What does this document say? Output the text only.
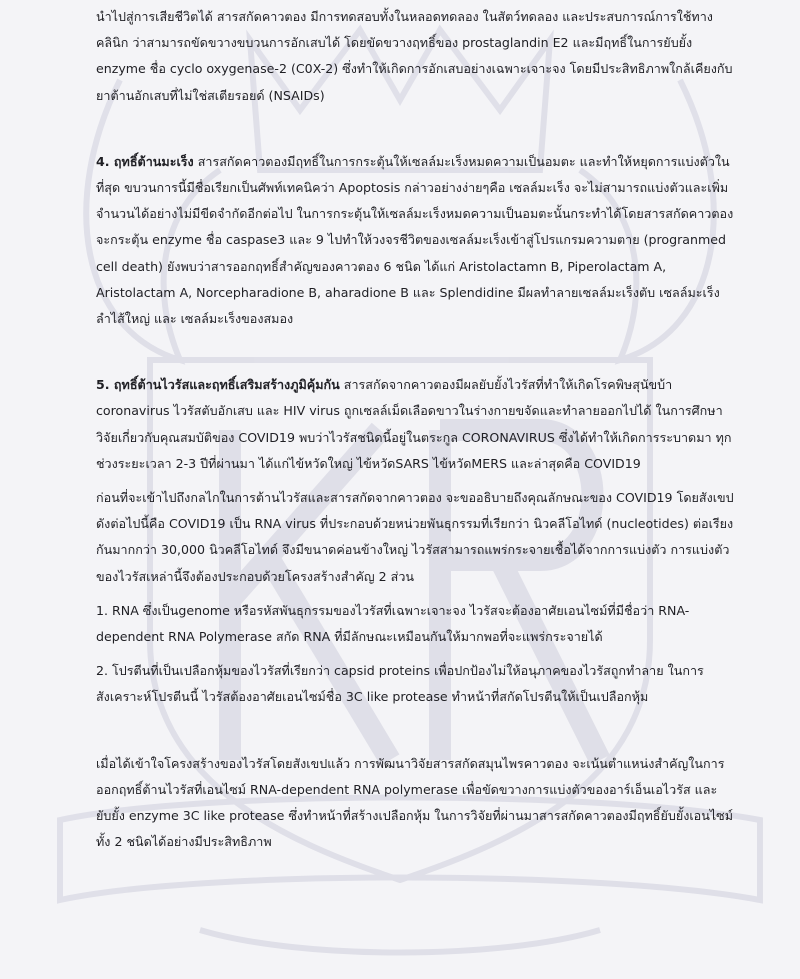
นำไปสู่การเสียชีวิตได้ สารสกัดคาวตอง มีการทดสอบทั้งในหลอดทดลอง ในสัตว์ทดลอง และประสบการณ์การใช้ทางคลินิก ว่าสามารถขัดขวางขบวนการอักเสบได้ โดยขัดขวางฤทธิ์ของ prostaglandin E2 และมีฤทธิ์ในการยับยั้ง enzyme ชื่อ cyclo oxygenase-2 (C0X-2) ซึ่งทำให้เกิดการอักเสบอย่างเฉพาะเจาะจง โดยมีประสิทธิภาพใกล้เคียงกับยาต้านอักเสบที่ไม่ใช่สเตียรอยด์ (NSAIDs)

4. ฤทธิ์ต้านมะเร็ง สารสกัดคาวตองมีฤทธิ์ในการกระตุ้นให้เซลล์มะเร็งหมดความเป็นอมตะ และทำให้หยุดการแบ่งตัวในที่สุด ขบวนการนี้มีชื่อเรียกเป็นศัพท์เทคนิคว่า Apoptosis กล่าวอย่างง่ายๆคือ เซลล์มะเร็ง จะไม่สามารถแบ่งตัวและเพิ่มจำนวนได้อย่างไม่มีขีดจำกัดอีกต่อไป ในการกระตุ้นให้เซลล์มะเร็งหมดความเป็นอมตะนั้นกระทำได้โดยสารสกัดคาวตองจะกระตุ้น enzyme ชื่อ caspase3 และ 9 ไปทำให้วงจรชีวิตของเซลล์มะเร็งเข้าสู่โปรแกรมความตาย (progranmed cell death) ยังพบว่าสารออกฤทธิ์สำคัญของคาวตอง 6 ชนิด ได้แก่ Aristolactamn B, Piperolactam A, Aristolactam A, Norcepharadione B, aharadione B และ Splendidine มีผลทำลายเซลล์มะเร็งตับ เซลล์มะเร็งลำไส้ใหญ่ และ เซลล์มะเร็งของสมอง

5. ฤทธิ์ต้านไวรัสและฤทธิ์เสริมสร้างภูมิคุ้มกัน สารสกัดจากคาวตองมีผลยับยั้งไวรัสที่ทำให้เกิดโรคพิษสุนัขบ้า coronavirus ไวรัสตับอักเสบ และ HIV virus ถูกเซลล์เม็ดเลือดขาวในร่างกายขจัดและทำลายออกไปได้ ในการศึกษาวิจัยเกี่ยวกับคุณสมบัติของ COVID19 พบว่าไวรัสชนิดนี้อยู่ในตระกูล CORONAVIRUS ซึ่งได้ทำให้เกิดการระบาดมา ทุกช่วงระยะเวลา 2-3 ปีที่ผ่านมา ได้แก่ไข้หวัดใหญ่ ไข้หวัดSARS ไข้หวัดMERS และล่าสุดคือ COVID19

ก่อนที่จะเข้าไปถึงกลไกในการต้านไวรัสและสารสกัดจากคาวตอง จะขออธิบายถึงคุณลักษณะของ COVID19 โดยสังเขปดังต่อไปนี้คือ COVID19 เป็น RNA virus ที่ประกอบด้วยหน่วยพันธุกรรมที่เรียกว่า นิวคลีโอไทด์ (nucleotides) ต่อเรียงกันมากกว่า 30,000 นิวคลีโอไทด์ จึงมีขนาดค่อนข้างใหญ่ ไวรัสสามารถแพร่กระจายเชื้อได้จากการแบ่งตัว การแบ่งตัวของไวรัสเหล่านี้จึงต้องประกอบด้วยโครงสร้างสำคัญ 2 ส่วน

1. RNA ซึ่งเป็นgenome หรือรหัสพันธุกรรมของไวรัสที่เฉพาะเจาะจง ไวรัสจะต้องอาศัยเอนไซม์ที่มีชื่อว่า RNA-dependent RNA Polymerase สกัด RNA ที่มีลักษณะเหมือนกันให้มากพอที่จะแพร่กระจายได้

2. โปรตีนที่เป็นเปลือกหุ้มของไวรัสที่เรียกว่า capsid proteins เพื่อปกป้องไม่ให้อนุภาคของไวรัสถูกทำลาย ในการสังเคราะห์โปรตีนนี้ ไวรัสต้องอาศัยเอนไซม์ชื่อ 3C like protease ทำหน้าที่สกัดโปรตีนให้เป็นเปลือกหุ้ม

เมื่อได้เข้าใจโครงสร้างของไวรัสโดยสังเขปแล้ว การพัฒนาวิจัยสารสกัดสมุนไพรคาวตอง จะเน้นตำแหน่งสำคัญในการออกฤทธิ์ต้านไวรัสที่เอนไซม์ RNA-dependent RNA polymerase เพื่อขัดขวางการแบ่งตัวของอาร์เอ็นเอไวรัส และยับยั้ง enzyme 3C like protease ซึ่งทำหน้าที่สร้างเปลือกหุ้ม ในการวิจัยที่ผ่านมาสารสกัดคาวตองมีฤทธิ์ยับยั้งเอนไซม์ทั้ง 2 ชนิดได้อย่างมีประสิทธิภาพ
